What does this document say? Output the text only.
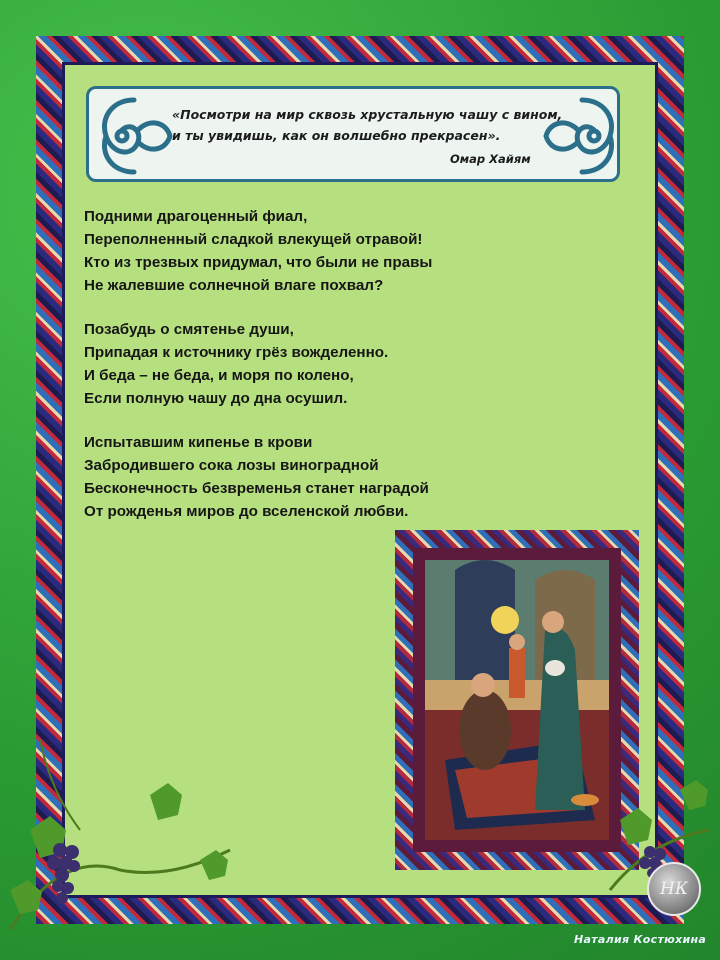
«Посмотри на мир сквозь хрустальную чашу с вином,
и ты увидишь, как он волшебно прекрасен».
Омар Хайям
Подними драгоценный фиал,
Переполненный сладкой влекущей отравой!
Кто из трезвых придумал, что были не правы
Не жалевшие солнечной влаге похвал?
Позабудь о смятенье души,
Припадая к источнику грёз вожделенно.
И беда – не беда, и моря по колено,
Если полную чашу до дна осушил.
Испытавшим кипенье в крови
Забродившего сока лозы виноградной
Бесконечность безвременья станет наградой
От рожденья миров до вселенской любви.
НК
Наталия Костюхина
